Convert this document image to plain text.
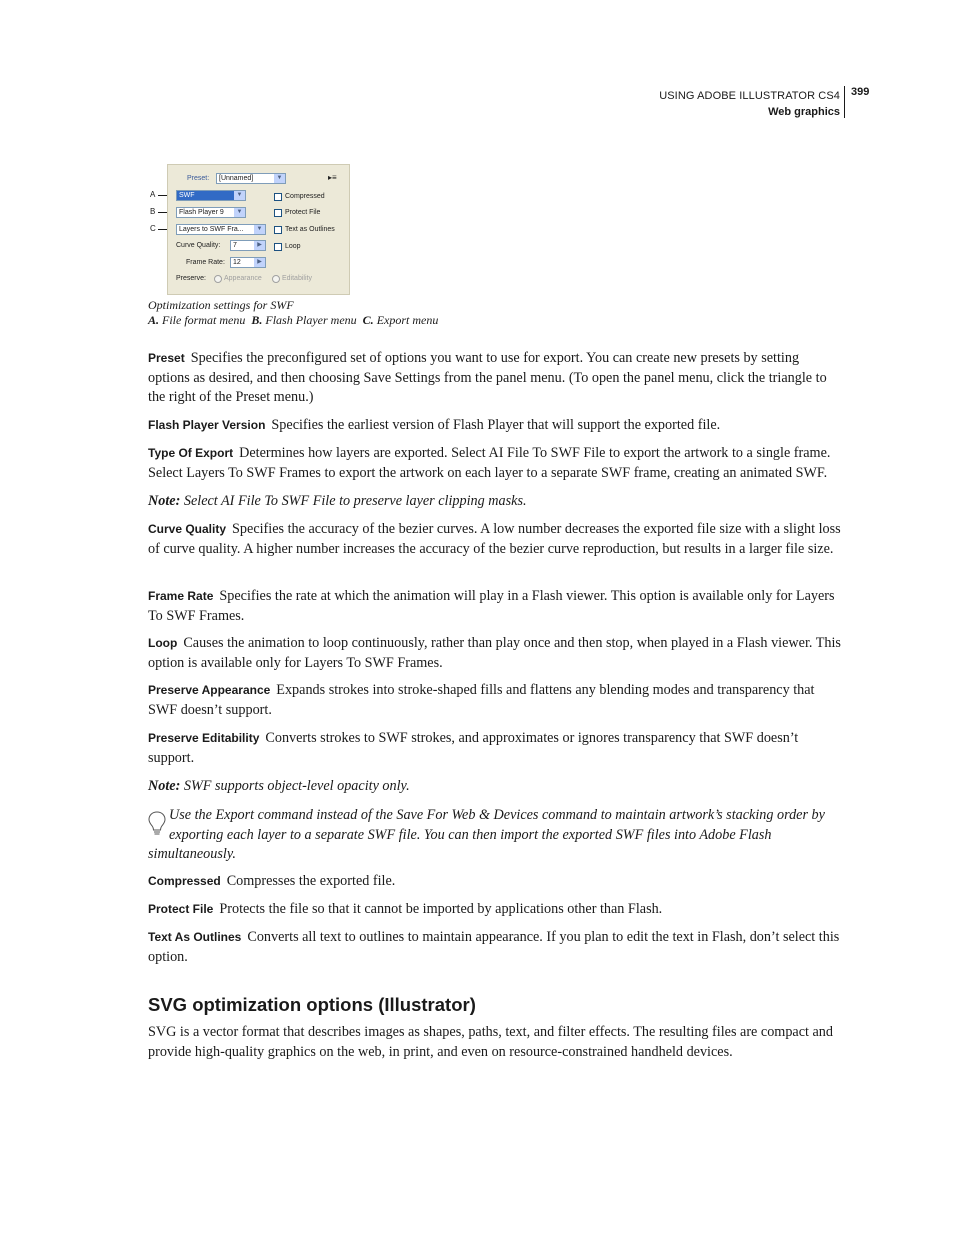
USING ADOBE ILLUSTRATOR CS4
Web graphics
399
A
B
C
Preset:	[Unnamed]	▼	▸≡
SWF	▼
Flash Player 9	▼
Layers to SWF Fra...	▼
Curve Quality:	7	▶
Frame Rate:	12	▶
Preserve:	Appearance	Editability
Compressed
Protect File
Text as Outlines
Loop
Optimization settings for SWF
A. File format menu B. Flash Player menu C. Export menu
Preset Specifies the preconfigured set of options you want to use for export. You can create new presets by setting options as desired, and then choosing Save Settings from the panel menu. (To open the panel menu, click the triangle to the right of the Preset menu.)
Flash Player Version Specifies the earliest version of Flash Player that will support the exported file.
Type Of Export Determines how layers are exported. Select AI File To SWF File to export the artwork to a single frame. Select Layers To SWF Frames to export the artwork on each layer to a separate SWF frame, creating an animated SWF.
Note: Select AI File To SWF File to preserve layer clipping masks.
Curve Quality Specifies the accuracy of the bezier curves. A low number decreases the exported file size with a slight loss of curve quality. A higher number increases the accuracy of the bezier curve reproduction, but results in a larger file size.
Frame Rate Specifies the rate at which the animation will play in a Flash viewer. This option is available only for Layers To SWF Frames.
Loop Causes the animation to loop continuously, rather than play once and then stop, when played in a Flash viewer. This option is available only for Layers To SWF Frames.
Preserve Appearance Expands strokes into stroke-shaped fills and flattens any blending modes and transparency that SWF doesn’t support.
Preserve Editability Converts strokes to SWF strokes, and approximates or ignores transparency that SWF doesn’t support.
Note: SWF supports object-level opacity only.
Use the Export command instead of the Save For Web & Devices command to maintain artwork’s stacking order by
exporting each layer to a separate SWF file. You can then import the exported SWF files into Adobe Flash
simultaneously.
Compressed Compresses the exported file.
Protect File Protects the file so that it cannot be imported by applications other than Flash.
Text As Outlines Converts all text to outlines to maintain appearance. If you plan to edit the text in Flash, don’t select this option.
SVG optimization options (Illustrator)
SVG is a vector format that describes images as shapes, paths, text, and filter effects. The resulting files are compact and provide high-quality graphics on the web, in print, and even on resource-constrained handheld devices.
